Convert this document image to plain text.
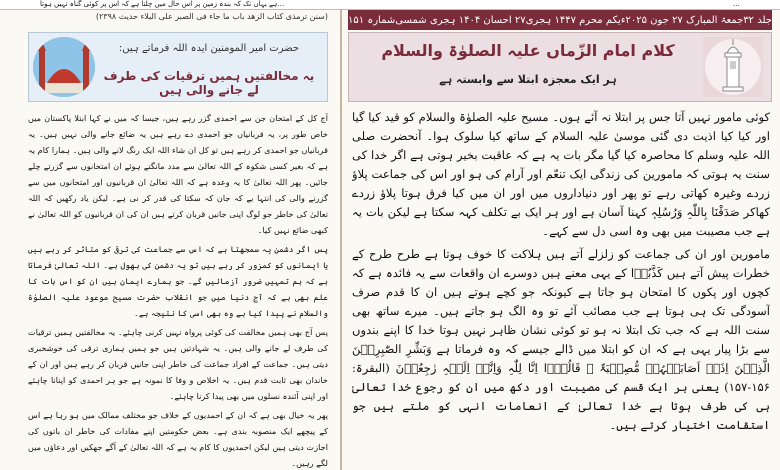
…ہے یہاں تک کہ بندہ زمین پر اس حال میں چلتا ہے کہ اس پر کوئی گناہ نہیں ہوتا	…
(سنن ترمذی کتاب الزھد باب ما جاء فی الصبر علی البلاء حدیث ۲۳۹۸)	جلد ۳۲
جمعۃ المبارک ۲۷ جون ۲۰۲۵ء
یکم محرم ۱۴۴۷ ہجری
۲۷ احسان ۱۴۰۴ ہجری شمسی
شمارہ ۱۵۱
کلام امام الزّماں علیہ الصلوٰۃ والسلام
ہر ایک معجزہ ابتلا سے وابستہ ہے

کوئی مامور نہیں آتا جس پر ابتلا نہ آئے ہوں۔ مسیح علیہ الصلوٰۃ والسلام کو قید کیا گیا اور کیا کیا اذیت دی گئی موسیٰ علیہ السلام کے ساتھ کیا سلوک ہوا۔ آنحضرت صلی اللہ علیہ وسلم کا محاصرہ کیا گیا مگر بات یہ ہے کہ عاقبت بخیر ہوتی ہے اگر خدا کی سنت یہ ہوتی کہ مامورین کی زندگی ایک تنعّم اور آرام کی ہو اور اس کی جماعت پلاؤ زردے وغیرہ کھاتی رہے تو پھر اور دنیاداروں میں اور ان میں کیا فرق ہوتا پلاؤ زردے کھاکر صَدَقْنَا بِاللّٰہِ وَرُسُلِہٖ کہنا آسان ہے اور ہر ایک بے تکلف کہہ سکتا ہے لیکن بات یہ ہے جب مصیبت میں بھی وہ اسی دل سے کہے۔

مامورین اور ان کی جماعت کو زلزلے آتے ہیں ہلاکت کا خوف ہوتا ہے طرح طرح کے خطرات پیش آتے ہیں کَذَّبُوۡا کے یہی معنے ہیں دوسرے ان واقعات سے یہ فائدہ ہے کہ کچوں اور پکوں کا امتحان ہو جاتا ہے کیونکہ جو کچے ہوتے ہیں ان کا قدم صرف آسودگی تک ہی ہوتا ہے جب مصائب آئے تو وہ الگ ہو جاتے ہیں۔ میرے ساتھ بھی سنت اللہ ہے کہ جب تک ابتلا نہ ہو تو کوئی نشان ظاہر نہیں ہوتا خدا کا اپنے بندوں سے بڑا پیار یہی ہے کہ ان کو ابتلا میں ڈالے جیسے کہ وہ فرماتا ہے وَبَشِّرِ الصّٰبِرِیۡنَ الَّذِیۡنَ اِذَاۤ اَصَابَتۡہُمۡ مُّصِیۡبَۃٌ ۙ قَالُوۡۤا اِنَّا لِلّٰہِ وَاِنَّاۤ اِلَیۡہِ رٰجِعُوۡنَ (البقرۃ: ۱۵۶-۱۵۷) یعنی ہر ایک قسم کی مصیبت اور دکھ میں ان کو رجوع خدا تعالیٰ ہی کی طرف ہوتا ہے خدا تعالیٰ کے انعامات انہی کو ملتے ہیں جو استقامت اختیار کرتے ہیں۔

حضرت امیر المومنین ایدہ اللہ فرماتے ہیں:
یہ مخالفتیں ہمیں ترقیات کی طرف لے جانے والی ہیں

آج کل کے امتحان جن سے احمدی گزر رہے ہیں، جیسا کہ میں نے کہا ابتلا پاکستان میں خاص طور پر، یہ قربانیاں جو احمدی دے رہے ہیں یہ ضائع جانے والی نہیں ہیں۔ یہ قربانیاں جو احمدی کر رہے ہیں تو کل ان شاء اللہ ایک رنگ لانے والی ہیں۔ ہمارا کام یہ ہے کہ بغیر کسی شکوہ کے اللہ تعالیٰ سے مدد مانگتے ہوئے ان امتحانوں سے گزرتے چلے جائیں۔ پھر اللہ تعالیٰ کا یہ وعدہ ہے کہ اللہ تعالیٰ ان قربانیوں اور امتحانوں میں سے گزرنے والی کی انتہا بے کہ جان کہ سکتا کی قدر کر نی ہے۔ لیکن یاد رکھیں کہ اللہ تعالیٰ کی خاطر جو لوگ اپنی جانیں قربان کرتے ہیں ان کی ان قربانیوں کو اللہ تعالیٰ نے کبھی ضائع نہیں کیا۔

پس اگر دشمن یہ سمجھتا ہے کہ اس سے جماعت کی ترقی کو متاثر کر رہے ہیں یا ایمانوں کو کمزور کر رہے ہیں تو یہ دشمن کی بھول ہے۔ اللہ تعالیٰ فرماتا ہے کہ ہم تمہیں ضرور آزمائیں گے۔ جو ہمارے ایمان ہیں ان کو اس بات کا علم بھی ہے کہ آج دنیا میں جو انقلاب حضرت مسیح موعود علیہ الصلوٰۃ والسلام نے پیدا کیا ہے وہ بھی اسی کا نتیجہ ہے۔

پس آج بھی ہمیں مخالفت کی کوئی پرواہ نہیں کرنی چاہئے۔ یہ مخالفتیں ہمیں ترقیات کی طرف لے جانے والی ہیں۔ یہ شہادتیں ہیں جو ہمیں ہماری ترقی کی خوشخبری دیتی ہیں۔ جماعت کے افراد جماعت کی خاطر اپنی جانیں قربان کر رہے ہیں اور ان کے خاندان بھی ثابت قدم ہیں۔ یہ اخلاص و وفا کا نمونہ ہے جو ہر احمدی کو اپنانا چاہئے اور اپنی آئندہ نسلوں میں بھی پیدا کرنا چاہئے۔

پھر یہ خیال بھی ہے کہ ان کے احمدیوں کے خلاف جو مختلف ممالک میں ہو رہا ہے اس کے پیچھے ایک منصوبہ بندی ہے۔ بعض حکومتیں اپنے مفادات کی خاطر ان باتوں کی اجازت دیتی ہیں لیکن احمدیوں کا کام یہ ہے کہ اللہ تعالیٰ کے آگے جھکیں اور دعاؤں میں لگے رہیں۔
